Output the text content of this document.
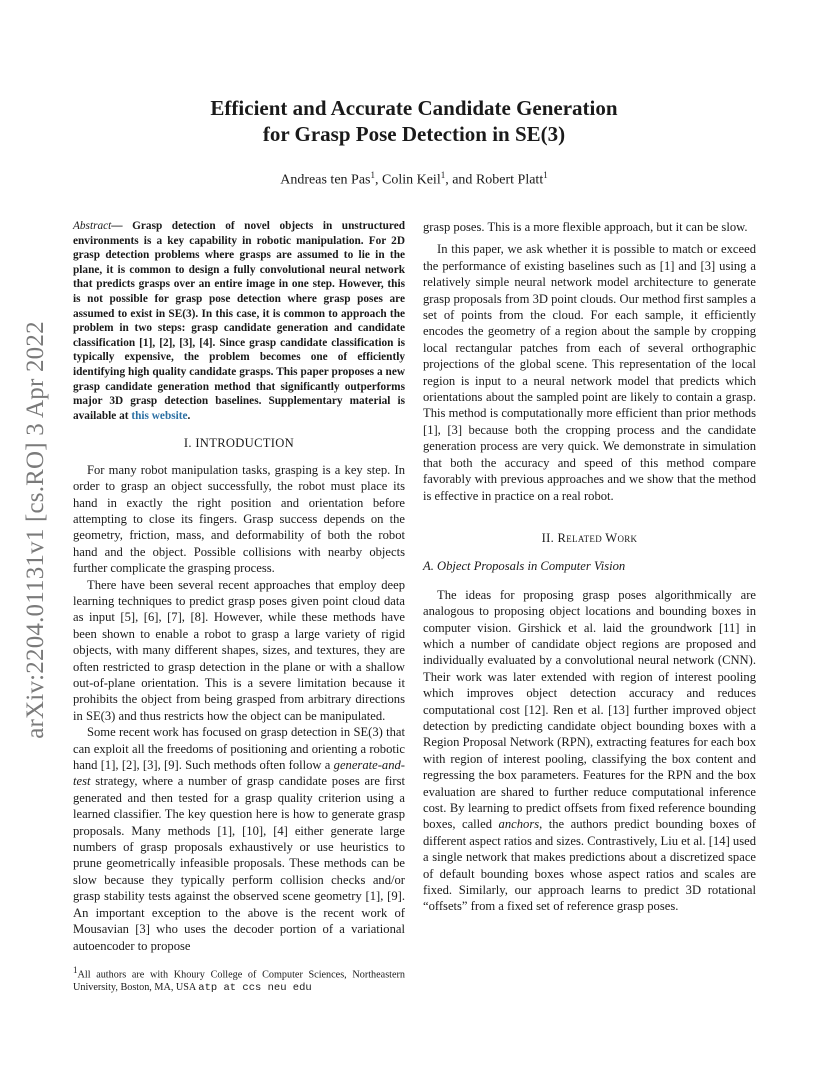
Efficient and Accurate Candidate Generation
for Grasp Pose Detection in SE(3)
Andreas ten Pas$^1$, Colin Keil$^1$, and Robert Platt$^1$
arXiv:2204.01131v1 [cs.RO] 3 Apr 2022
Abstract— Grasp detection of novel objects in unstructured environments is a key capability in robotic manipulation. For 2D grasp detection problems where grasps are assumed to lie in the plane, it is common to design a fully convolutional neural network that predicts grasps over an entire image in one step. However, this is not possible for grasp pose detection where grasp poses are assumed to exist in SE(3). In this case, it is common to approach the problem in two steps: grasp candidate generation and candidate classification [1], [2], [3], [4]. Since grasp candidate classification is typically expensive, the problem becomes one of efficiently identifying high quality candidate grasps. This paper proposes a new grasp candidate generation method that significantly outperforms major 3D grasp detection baselines. Supplementary material is available at this website.
I. INTRODUCTION

For many robot manipulation tasks, grasping is a key step. In order to grasp an object successfully, the robot must place its hand in exactly the right position and orientation before attempting to close its fingers. Grasp success depends on the geometry, friction, mass, and deformability of both the robot hand and the object. Possible collisions with nearby objects further complicate the grasping process.

There have been several recent approaches that employ deep learning techniques to predict grasp poses given point cloud data as input [5], [6], [7], [8]. However, while these methods have been shown to enable a robot to grasp a large variety of rigid objects, with many different shapes, sizes, and textures, they are often restricted to grasp detection in the plane or with a shallow out-of-plane orientation. This is a severe limitation because it prohibits the object from being grasped from arbitrary directions in SE(3) and thus restricts how the object can be manipulated.

Some recent work has focused on grasp detection in SE(3) that can exploit all the freedoms of positioning and orienting a robotic hand [1], [2], [3], [9]. Such methods often follow a generate-and-test strategy, where a number of grasp candidate poses are first generated and then tested for a grasp quality criterion using a learned classifier. The key question here is how to generate grasp proposals. Many methods [1], [10], [4] either generate large numbers of grasp proposals exhaustively or use heuristics to prune geometrically infeasible proposals. These methods can be slow because they typically perform collision checks and/or grasp stability tests against the observed scene geometry [1], [9]. An important exception to the above is the recent work of Mousavian [3] who uses the decoder portion of a variational autoencoder to propose

$^1$All authors are with Khoury College of Computer Sciences, Northeastern University, Boston, MA, USA atp at ccs neu edu

grasp poses. This is a more flexible approach, but it can be slow.

In this paper, we ask whether it is possible to match or exceed the performance of existing baselines such as [1] and [3] using a relatively simple neural network model architecture to generate grasp proposals from 3D point clouds. Our method first samples a set of points from the cloud. For each sample, it efficiently encodes the geometry of a region about the sample by cropping local rectangular patches from each of several orthographic projections of the global scene. This representation of the local region is input to a neural network model that predicts which orientations about the sampled point are likely to contain a grasp. This method is computationally more efficient than prior methods [1], [3] because both the cropping process and the candidate generation process are very quick. We demonstrate in simulation that both the accuracy and speed of this method compare favorably with previous approaches and we show that the method is effective in practice on a real robot.

II. Related Work
A. Object Proposals in Computer Vision

The ideas for proposing grasp poses algorithmically are analogous to proposing object locations and bounding boxes in computer vision. Girshick et al. laid the groundwork [11] in which a number of candidate object regions are proposed and individually evaluated by a convolutional neural network (CNN). Their work was later extended with region of interest pooling which improves object detection accuracy and reduces computational cost [12]. Ren et al. [13] further improved object detection by predicting candidate object bounding boxes with a Region Proposal Network (RPN), extracting features for each box with region of interest pooling, classifying the box content and regressing the box parameters. Features for the RPN and the box evaluation are shared to further reduce computational inference cost. By learning to predict offsets from fixed reference bounding boxes, called anchors, the authors predict bounding boxes of different aspect ratios and sizes. Contrastively, Liu et al. [14] used a single network that makes predictions about a discretized space of default bounding boxes whose aspect ratios and scales are fixed. Similarly, our approach learns to predict 3D rotational “offsets” from a fixed set of reference grasp poses.
